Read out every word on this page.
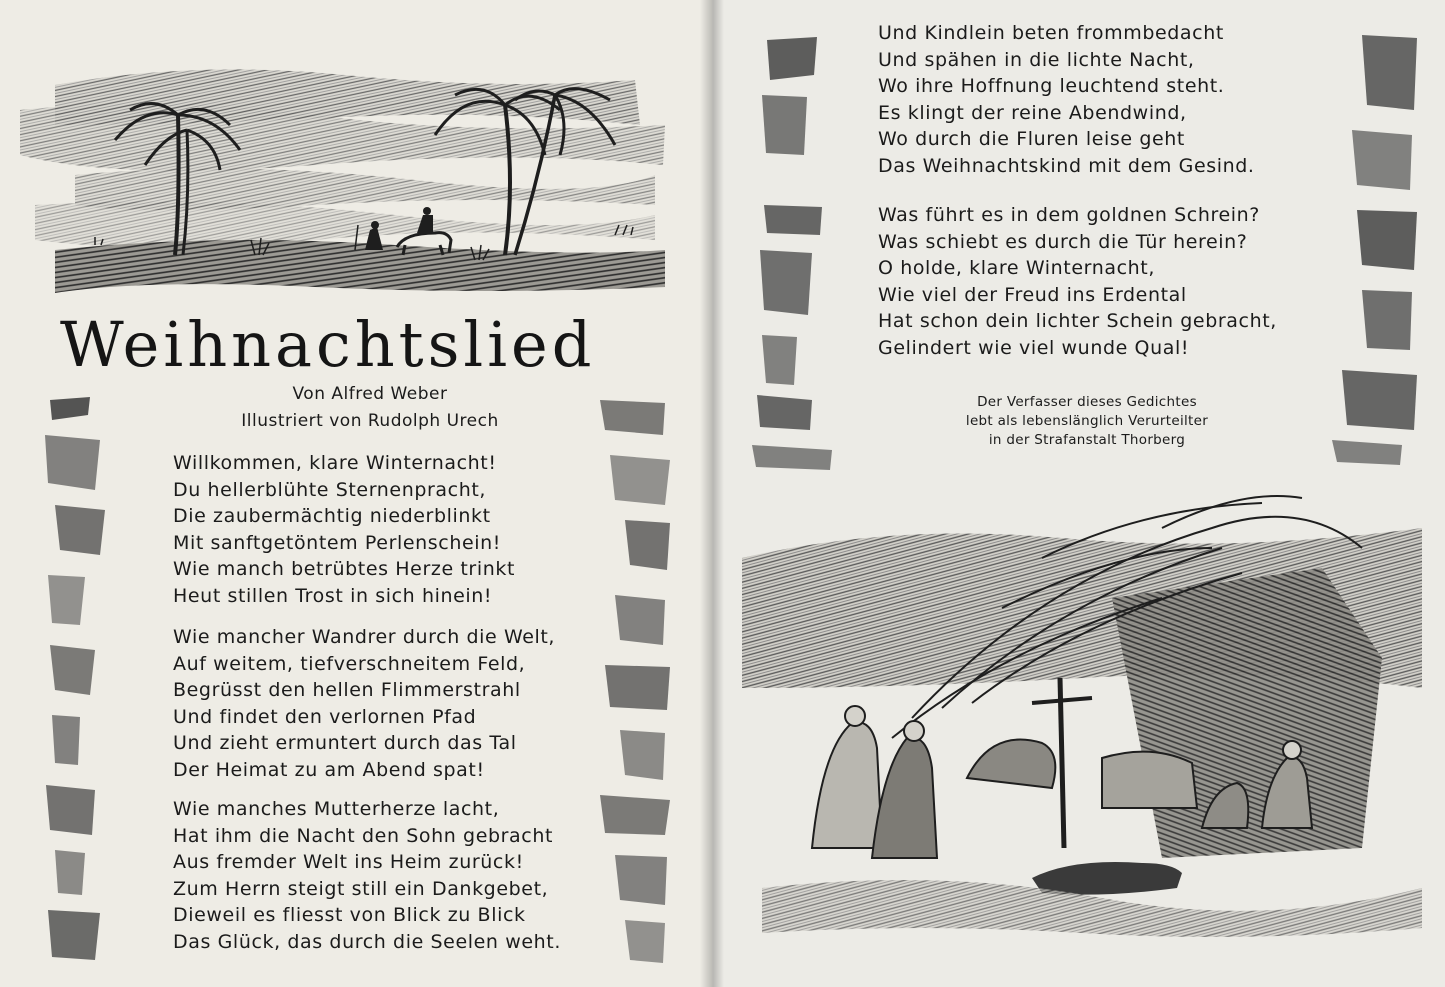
Weihnachtslied
Von Alfred Weber
Illustriert von Rudolph Urech
Willkommen, klare Winternacht!
Du hellerblühte Sternenpracht,
Die zaubermächtig niederblinkt
Mit sanftgetöntem Perlenschein!
Wie manch betrübtes Herze trinkt
Heut stillen Trost in sich hinein!
Wie mancher Wandrer durch die Welt,
Auf weitem, tiefverschneitem Feld,
Begrüsst den hellen Flimmerstrahl
Und findet den verlornen Pfad
Und zieht ermuntert durch das Tal
Der Heimat zu am Abend spat!
Wie manches Mutterherze lacht,
Hat ihm die Nacht den Sohn gebracht
Aus fremder Welt ins Heim zurück!
Zum Herrn steigt still ein Dankgebet,
Dieweil es fliesst von Blick zu Blick
Das Glück, das durch die Seelen weht.
Und Kindlein beten frommbedacht
Und spähen in die lichte Nacht,
Wo ihre Hoffnung leuchtend steht.
Es klingt der reine Abendwind,
Wo durch die Fluren leise geht
Das Weihnachtskind mit dem Gesind.
Was führt es in dem goldnen Schrein?
Was schiebt es durch die Tür herein?
O holde, klare Winternacht,
Wie viel der Freud ins Erdental
Hat schon dein lichter Schein gebracht,
Gelindert wie viel wunde Qual!
Der Verfasser dieses Gedichtes
lebt als lebenslänglich Verurteilter
in der Strafanstalt Thorberg
